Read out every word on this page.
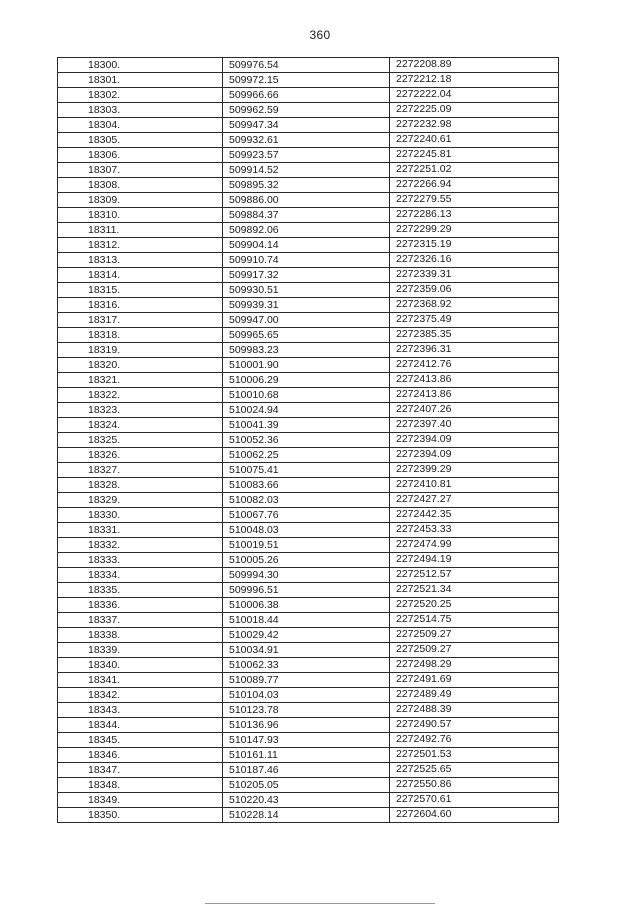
360
18300.	509976.54	2272208.89
18301.	509972.15	2272212.18
18302.	509966.66	2272222.04
18303.	509962.59	2272225.09
18304.	509947.34	2272232.98
18305.	509932.61	2272240.61
18306.	509923.57	2272245.81
18307.	509914.52	2272251.02
18308.	509895.32	2272266.94
18309.	509886.00	2272279.55
18310.	509884.37	2272286.13
18311.	509892.06	2272299.29
18312.	509904.14	2272315.19
18313.	509910.74	2272326.16
18314.	509917.32	2272339.31
18315.	509930.51	2272359.06
18316.	509939.31	2272368.92
18317.	509947.00	2272375.49
18318.	509965.65	2272385.35
18319.	509983.23	2272396.31
18320.	510001.90	2272412.76
18321.	510006.29	2272413.86
18322.	510010.68	2272413.86
18323.	510024.94	2272407.26
18324.	510041.39	2272397.40
18325.	510052.36	2272394.09
18326.	510062.25	2272394.09
18327.	510075.41	2272399.29
18328.	510083.66	2272410.81
18329.	510082.03	2272427.27
18330.	510067.76	2272442.35
18331.	510048.03	2272453.33
18332.	510019.51	2272474.99
18333.	510005.26	2272494.19
18334.	509994.30	2272512.57
18335.	509996.51	2272521.34
18336.	510006.38	2272520.25
18337.	510018.44	2272514.75
18338.	510029.42	2272509.27
18339.	510034.91	2272509.27
18340.	510062.33	2272498.29
18341.	510089.77	2272491.69
18342.	510104.03	2272489.49
18343.	510123.78	2272488.39
18344.	510136.96	2272490.57
18345.	510147.93	2272492.76
18346.	510161.11	2272501.53
18347.	510187.46	2272525.65
18348.	510205.05	2272550.86
18349.	510220.43	2272570.61
18350.	510228.14	2272604.60
